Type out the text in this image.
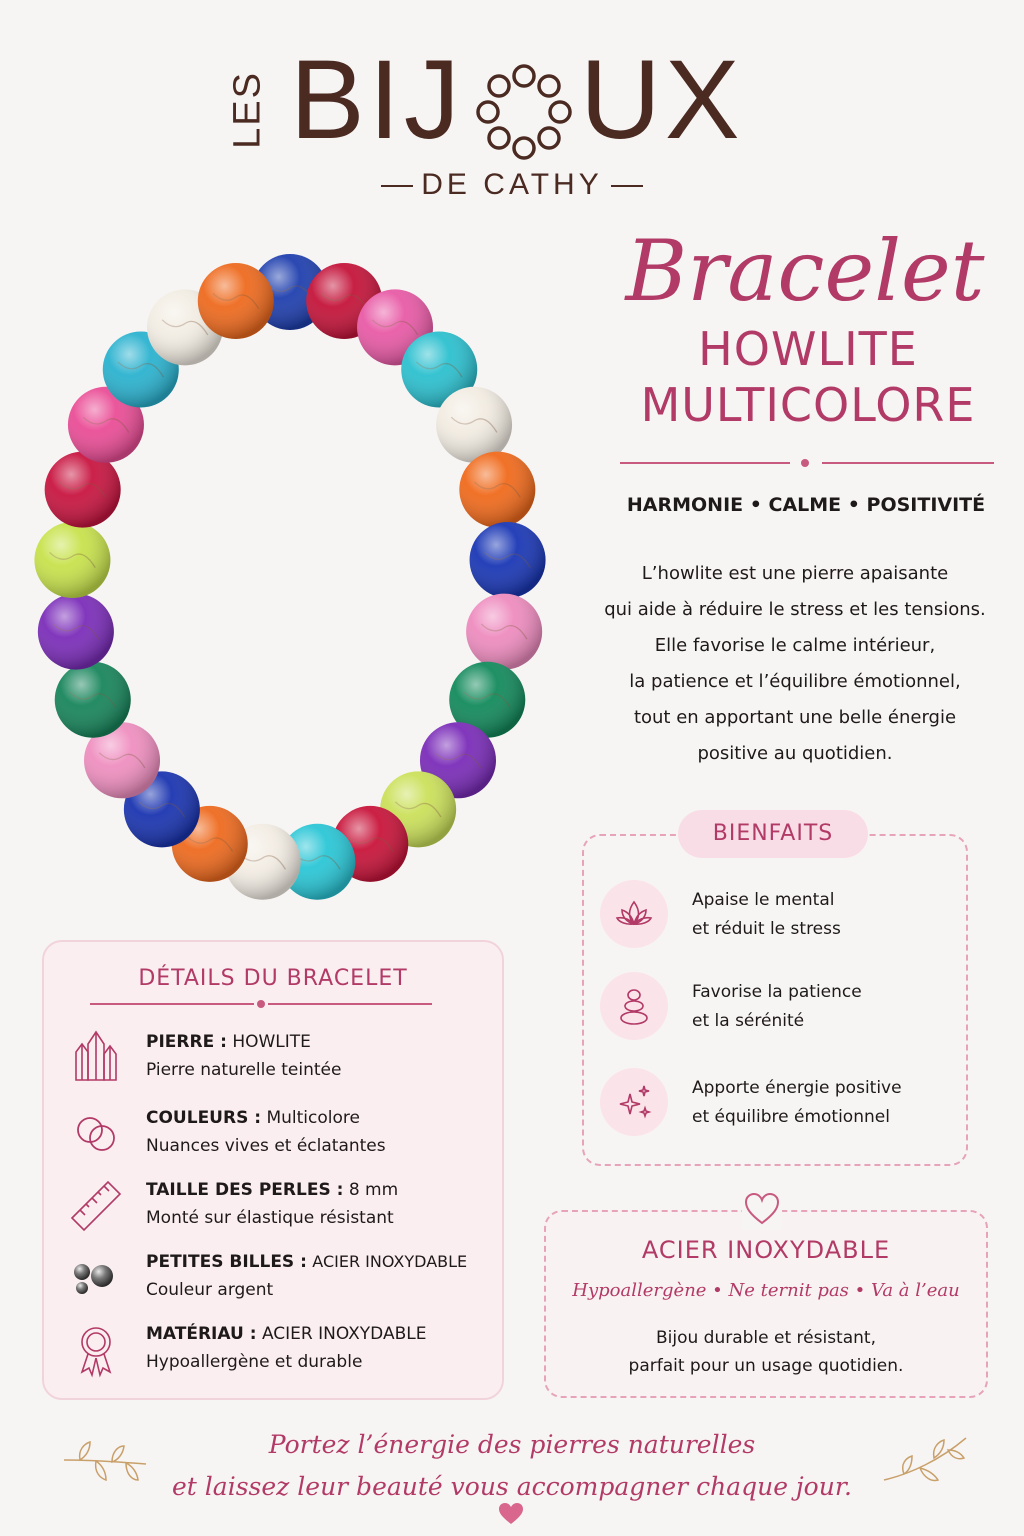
LES BIJ UX
DE CATHY
Bracelet
HOWLITE
MULTICOLORE
HARMONIE • CALME • POSITIVITÉ
L’howlite est une pierre apaisante
qui aide à réduire le stress et les tensions.
Elle favorise le calme intérieur,
la patience et l’équilibre émotionnel,
tout en apportant une belle énergie
positive au quotidien.
BIENFAITS
Apaise le mental
et réduit le stress
Favorise la patience
et la sérénité
Apporte énergie positive
et équilibre émotionnel
ACIER INOXYDABLE
Hypoallergène • Ne ternit pas • Va à l’eau
Bijou durable et résistant,
parfait pour un usage quotidien.
DÉTAILS DU BRACELET
PIERRE : HOWLITE
Pierre naturelle teintée
COULEURS : Multicolore
Nuances vives et éclatantes
TAILLE DES PERLES : 8 mm
Monté sur élastique résistant
PETITES BILLES : ACIER INOXYDABLE
Couleur argent
MATÉRIAU : ACIER INOXYDABLE
Hypoallergène et durable
Portez l’énergie des pierres naturelles
et laissez leur beauté vous accompagner chaque jour.
